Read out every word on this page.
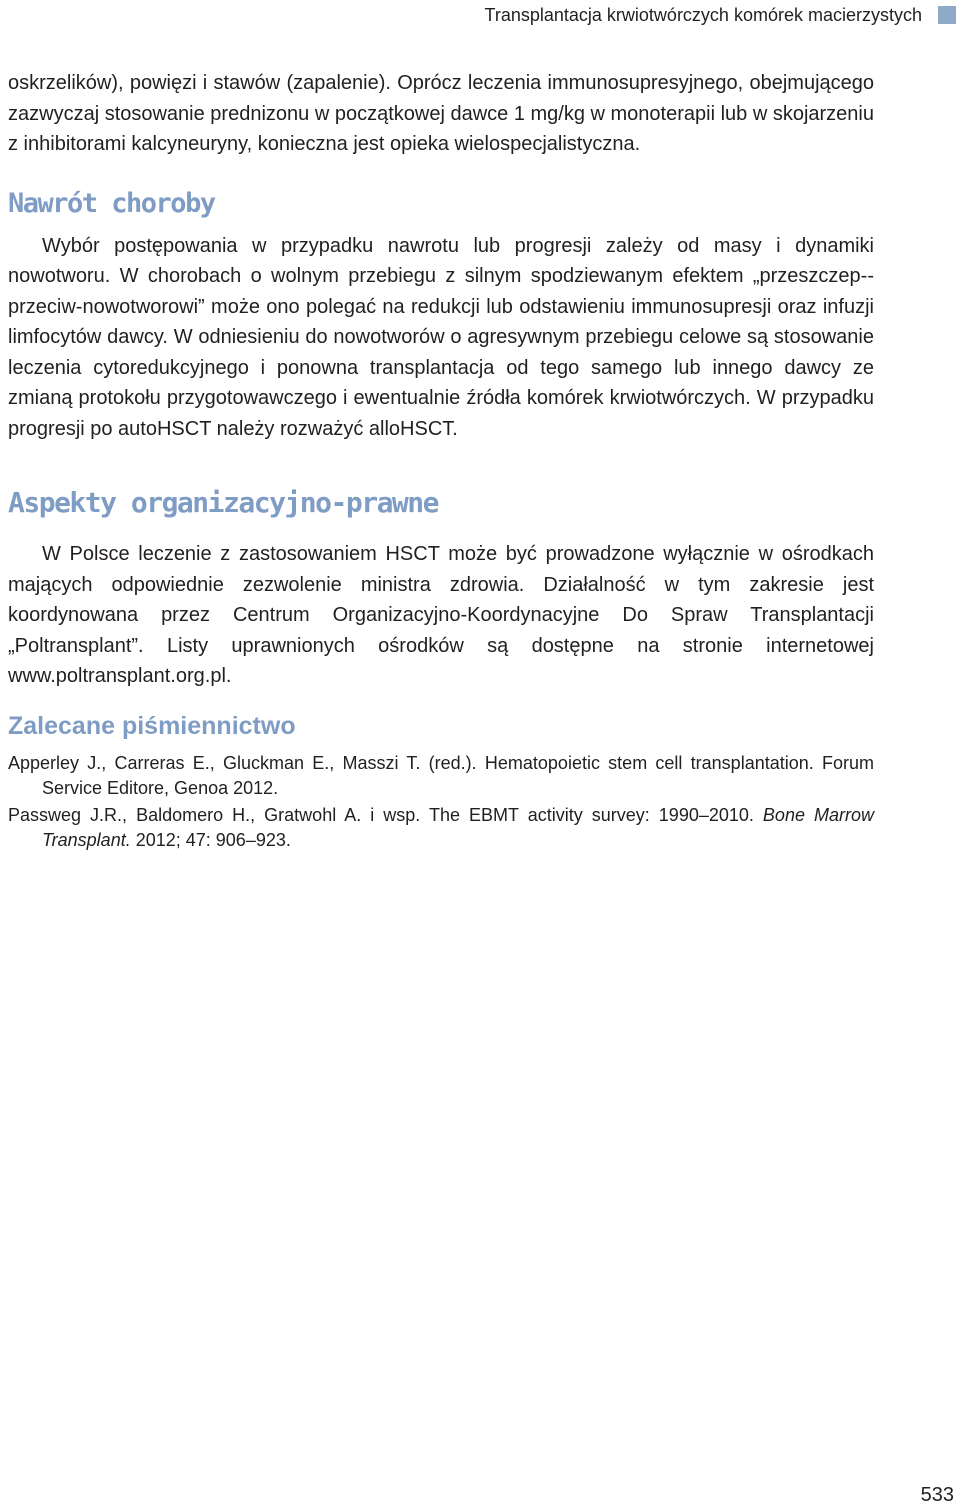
Transplantacja krwiotwórczych komórek macierzystych

oskrzelików), powięzi i stawów (zapalenie). Oprócz leczenia immunosupresyjnego, obejmującego zazwyczaj stosowanie prednizonu w początkowej dawce 1 mg/kg w monoterapii lub w skojarzeniu z inhibitorami kalcyneuryny, konieczna jest opieka wielospecjalistyczna.

Nawrót choroby

Wybór postępowania w przypadku nawrotu lub progresji zależy od masy i dynamiki nowotworu. W chorobach o wolnym przebiegu z silnym spodziewanym efektem „przeszczep--przeciw-nowotworowi” może ono polegać na redukcji lub odstawieniu immunosupresji oraz infuzji limfocytów dawcy. W odniesieniu do nowotworów o agresywnym przebiegu celowe są stosowanie leczenia cytoredukcyjnego i ponowna transplantacja od tego samego lub innego dawcy ze zmianą protokołu przygotowawczego i ewentualnie źródła komórek krwiotwórczych. W przypadku progresji po autoHSCT należy rozważyć alloHSCT.

Aspekty organizacyjno-prawne

W Polsce leczenie z zastosowaniem HSCT może być prowadzone wyłącznie w ośrodkach mających odpowiednie zezwolenie ministra zdrowia. Działalność w tym zakresie jest koordynowana przez Centrum Organizacyjno-Koordynacyjne Do Spraw Transplantacji „Poltransplant”. Listy uprawnionych ośrodków są dostępne na stronie internetowej www.poltransplant.org.pl.

Zalecane piśmiennictwo
Apperley J., Carreras E., Gluckman E., Masszi T. (red.). Hematopoietic stem cell transplantation. Forum Service Editore, Genoa 2012.
Passweg J.R., Baldomero H., Gratwohl A. i wsp. The EBMT activity survey: 1990–2010. Bone Marrow Transplant. 2012; 47: 906–923.
533
